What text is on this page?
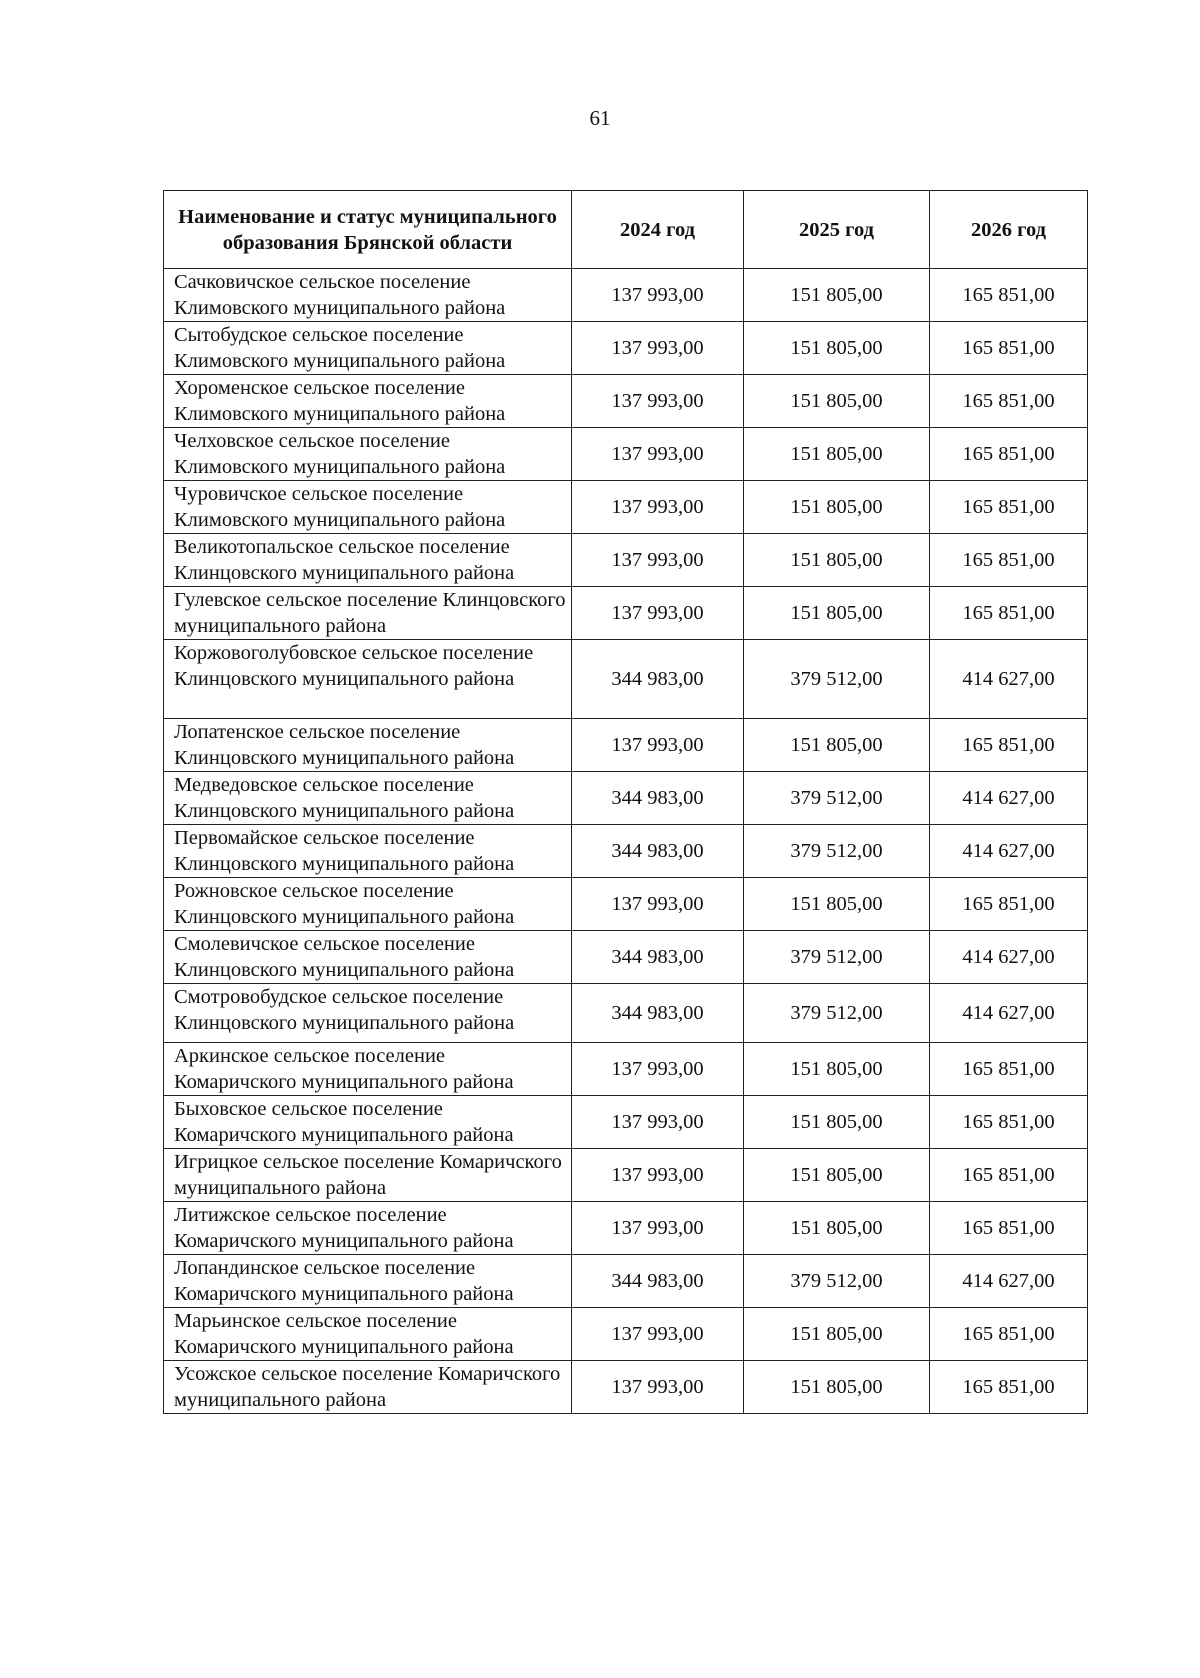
61
Наименование и статус муниципального образования Брянской области	2024 год	2025 год	2026 год
Сачковичское сельское поселение Климовского муниципального района	137 993,00	151 805,00	165 851,00
Сытобудское сельское поселение Климовского муниципального района	137 993,00	151 805,00	165 851,00
Хороменское сельское поселение Климовского муниципального района	137 993,00	151 805,00	165 851,00
Челховское сельское поселение Климовского муниципального района	137 993,00	151 805,00	165 851,00
Чуровичское сельское поселение Климовского муниципального района	137 993,00	151 805,00	165 851,00
Великотопальское сельское поселение Клинцовского муниципального района	137 993,00	151 805,00	165 851,00
Гулевское сельское поселение Клинцовского муниципального района	137 993,00	151 805,00	165 851,00
Коржовоголубовское сельское поселение Клинцовского муниципального района	344 983,00	379 512,00	414 627,00
Лопатенское сельское поселение Клинцовского муниципального района	137 993,00	151 805,00	165 851,00
Медведовское сельское поселение Клинцовского муниципального района	344 983,00	379 512,00	414 627,00
Первомайское сельское поселение Клинцовского муниципального района	344 983,00	379 512,00	414 627,00
Рожновское сельское поселение Клинцовского муниципального района	137 993,00	151 805,00	165 851,00
Смолевичское сельское поселение Клинцовского муниципального района	344 983,00	379 512,00	414 627,00
Смотровобудское сельское поселение Клинцовского муниципального района	344 983,00	379 512,00	414 627,00
Аркинское сельское поселение Комаричского муниципального района	137 993,00	151 805,00	165 851,00
Быховское сельское поселение Комаричского муниципального района	137 993,00	151 805,00	165 851,00
Игрицкое сельское поселение Комаричского муниципального района	137 993,00	151 805,00	165 851,00
Литижское сельское поселение Комаричского муниципального района	137 993,00	151 805,00	165 851,00
Лопандинское сельское поселение Комаричского муниципального района	344 983,00	379 512,00	414 627,00
Марьинское сельское поселение Комаричского муниципального района	137 993,00	151 805,00	165 851,00
Усожское сельское поселение Комаричского муниципального района	137 993,00	151 805,00	165 851,00
